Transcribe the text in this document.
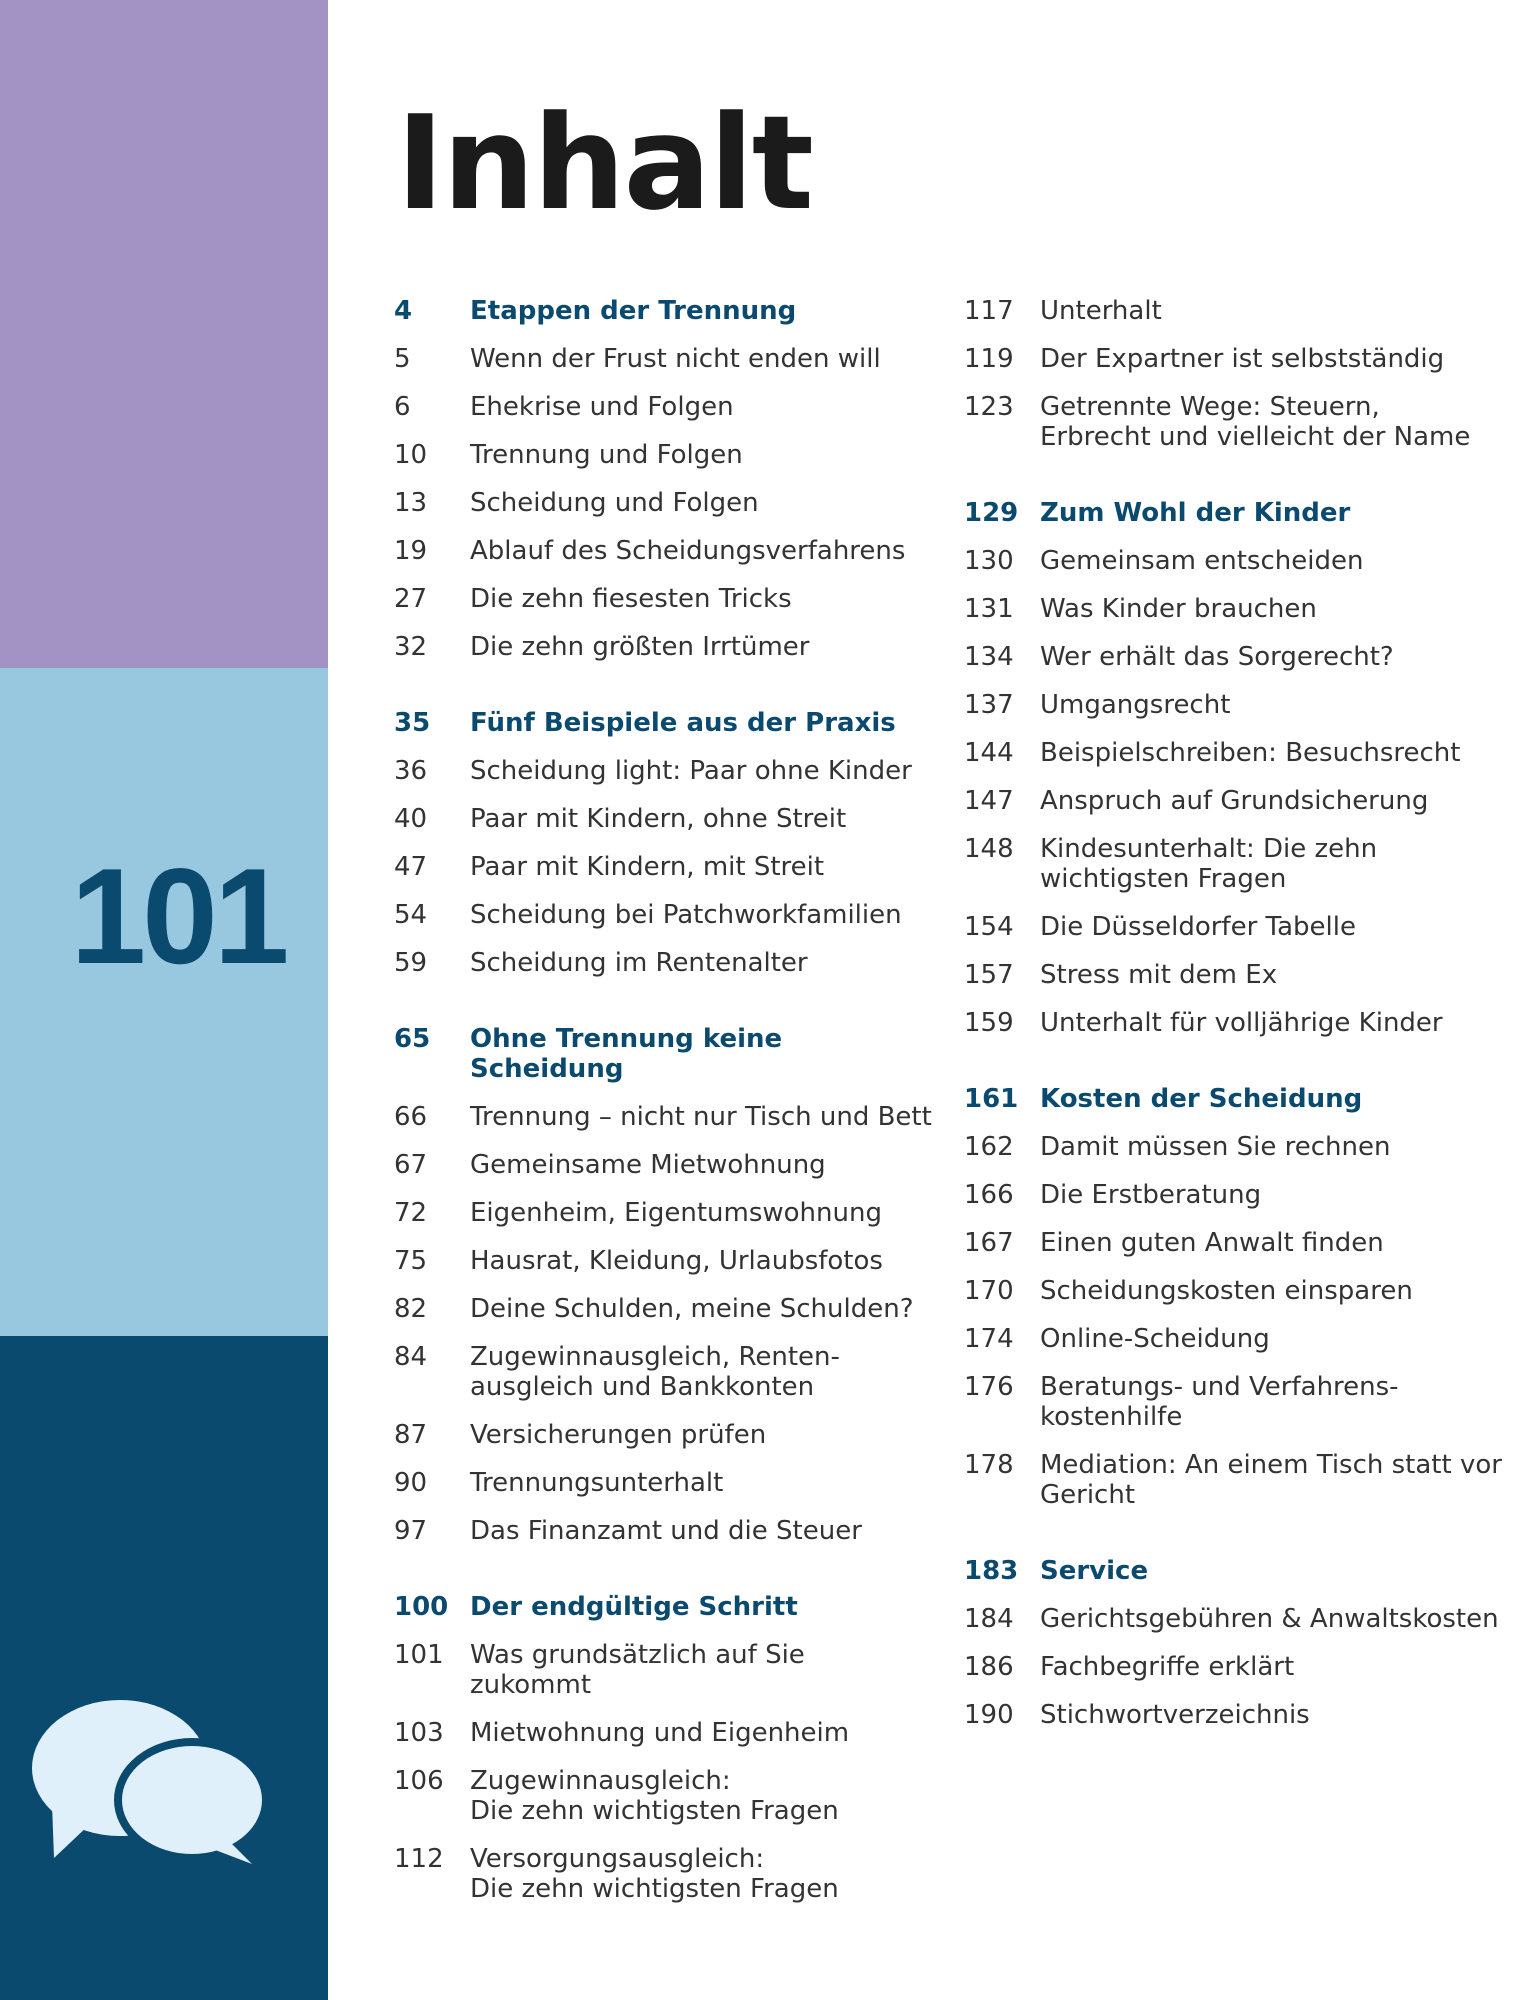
101
Inhalt
4	Etappen der Trennung
5	Wenn der Frust nicht enden will
6	Ehekrise und Folgen
10	Trennung und Folgen
13	Scheidung und Folgen
19	Ablauf des Scheidungsverfahrens
27	Die zehn fiesesten Tricks
32	Die zehn größten Irrtümer
35	Fünf Beispiele aus der Praxis
36	Scheidung light: Paar ohne Kinder
40	Paar mit Kindern, ohne Streit
47	Paar mit Kindern, mit Streit
54	Scheidung bei Patchworkfamilien
59	Scheidung im Rentenalter
65	Ohne Trennung keine Scheidung
66	Trennung – nicht nur Tisch und Bett
67	Gemeinsame Mietwohnung
72	Eigenheim, Eigentumswohnung
75	Hausrat, Kleidung, Urlaubsfotos
82	Deine Schulden, meine Schulden?
84	Zugewinnausgleich, Renten-
ausgleich und Bankkonten
87	Versicherungen prüfen
90	Trennungsunterhalt
97	Das Finanzamt und die Steuer
100 Der endgültige Schritt
101	Was grundsätzlich auf Sie zukommt
103	Mietwohnung und Eigenheim
106	Zugewinnausgleich:
Die zehn wichtigsten Fragen
112	Versorgungsausgleich:
Die zehn wichtigsten Fragen
117	Unterhalt
119	Der Expartner ist selbstständig
123	Getrennte Wege: Steuern,
Erbrecht und vielleicht der Name
129 Zum Wohl der Kinder
130	Gemeinsam entscheiden
131	Was Kinder brauchen
134	Wer erhält das Sorgerecht?
137	Umgangsrecht
144	Beispielschreiben: Besuchsrecht
147	Anspruch auf Grundsicherung
148	Kindesunterhalt: Die zehn
wichtigsten Fragen
154	Die Düsseldorfer Tabelle
157	Stress mit dem Ex
159	Unterhalt für volljährige Kinder
161 Kosten der Scheidung
162	Damit müssen Sie rechnen
166	Die Erstberatung
167	Einen guten Anwalt finden
170	Scheidungskosten einsparen
174	Online-Scheidung
176	Beratungs- und Verfahrens-
kostenhilfe
178	Mediation: An einem Tisch statt vor
Gericht
183 Service
184	Gerichtsgebühren & Anwaltskosten
186	Fachbegriffe erklärt
190	Stichwortverzeichnis
